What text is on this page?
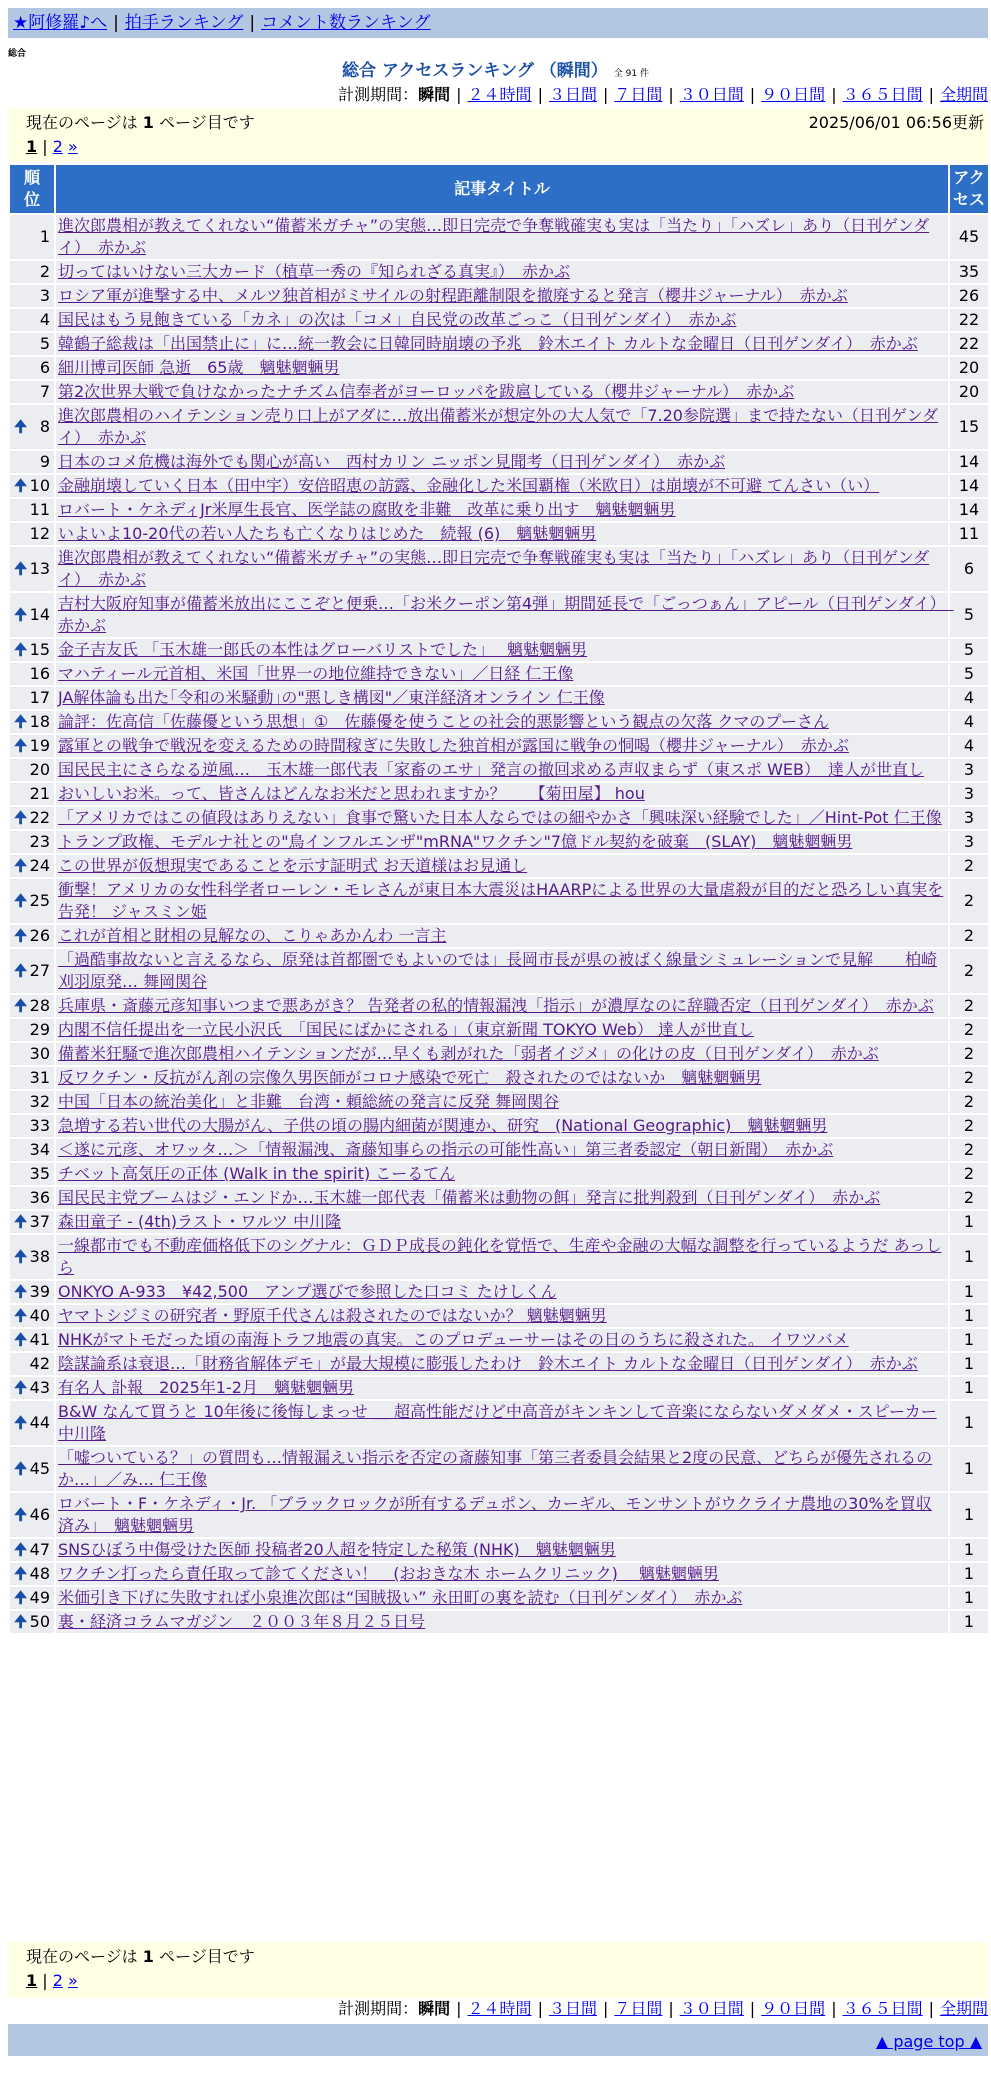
★阿修羅♪へ | 拍手ランキング | コメント数ランキング
総合
総合 アクセスランキング （瞬間） 全 91 件
計測期間：瞬間 | ２４時間 | ３日間 | ７日間 | ３０日間 | ９０日間 | ３６５日間 | 全期間
現在のページは 1 ページ目です	2025/06/01 06:56更新
1 | 2 »
順位	記事タイトル	アクセス
1	進次郎農相が教えてくれない“備蓄米ガチャ”の実態…即日完売で争奪戦確実も実は「当たり」「ハズレ」あり（日刊ゲンダイ）　赤かぶ	45
2	切ってはいけない三大カード（植草一秀の『知られざる真実』）　赤かぶ	35
3	ロシア軍が進撃する中、メルツ独首相がミサイルの射程距離制限を撤廃すると発言（櫻井ジャーナル）　赤かぶ	26
4	国民はもう見飽きている「カネ」の次は「コメ」自民党の改革ごっこ（日刊ゲンダイ）　赤かぶ	22
5	韓鶴子総裁は「出国禁止に」に…統一教会に日韓同時崩壊の予兆　鈴木エイト カルトな金曜日（日刊ゲンダイ）　赤かぶ	22
6	細川博司医師 急逝　65歳　魑魅魍魎男	20
7	第2次世界大戦で負けなかったナチズム信奉者がヨーロッパを跋扈している（櫻井ジャーナル）　赤かぶ	20

🠉 8	進次郎農相のハイテンション売り口上がアダに…放出備蓄米が想定外の大人気で「7.20参院選」まで持たない（日刊ゲンダイ）　赤かぶ	15
9	日本のコメ危機は海外でも関心が高い　西村カリン ニッポン見聞考（日刊ゲンダイ）　赤かぶ	14

🠉 10	金融崩壊していく日本（田中宇）安倍昭恵の訪露、金融化した米国覇権（米欧日）は崩壊が不可避 てんさい（い）	14
11	ロバート・ケネディJr米厚生長官、医学誌の腐敗を非難　改革に乗り出す　魑魅魍魎男	14
12	いよいよ10-20代の若い人たちも亡くなりはじめた　続報 (6)　魑魅魍魎男	11

🠉 13	進次郎農相が教えてくれない“備蓄米ガチャ”の実態…即日完売で争奪戦確実も実は「当たり」「ハズレ」あり（日刊ゲンダイ）　赤かぶ	6

🠉 14	吉村大阪府知事が備蓄米放出にここぞと便乗…「お米クーポン第4弾」期間延長で「ごっつぁん」アピール（日刊ゲンダイ）　赤かぶ	5

🠉 15	金子吉友氏 「玉木雄一郎氏の本性はグローバリストでした」　 魑魅魍魎男	5
16	マハティール元首相、米国「世界一の地位維持できない」／日経 仁王像	5
17	JA解体論も出た｢令和の米騒動｣の"悪しき構図"／東洋経済オンライン 仁王像	4

🠉 18	論評：佐高信「佐藤優という思想」①　佐藤優を使うことの社会的悪影響という観点の欠落 クマのプーさん	4

🠉 19	露軍との戦争で戦況を変えるための時間稼ぎに失敗した独首相が露国に戦争の恫喝（櫻井ジャーナル）　赤かぶ	4
20	国民民主にさらなる逆風…　玉木雄一郎代表「家畜のエサ」発言の撤回求める声収まらず（東スポ WEB）　達人が世直し	3
21	おいしいお米。って、皆さんはどんなお米だと思われますか？　　【菊田屋】 hou	3

🠉 22	「アメリカではこの値段はありえない」食事で驚いた日本人ならではの細やかさ「興味深い経験でした」／Hint-Pot 仁王像	3
23	トランプ政権、モデルナ社との"鳥インフルエンザ"mRNA"ワクチン"7億ドル契約を破棄　(SLAY)　魑魅魍魎男	3

🠉 24	この世界が仮想現実であることを示す証明式 お天道様はお見通し	2

🠉 25	衝撃！アメリカの女性科学者ローレン・モレさんが東日本大震災はHAARPによる世界の大量虐殺が目的だと恐ろしい真実を告発！ ジャスミン姫	2

🠉 26	これが首相と財相の見解なの、こりゃあかんわ 一言主	2

🠉 27	「過酷事故ないと言えるなら、原発は首都圏でもよいのでは」長岡市長が県の被ばく線量シミュレーションで見解　　柏崎刈羽原発… 舞岡関谷	2

🠉 28	兵庫県・斎藤元彦知事いつまで悪あがき？ 告発者の私的情報漏洩「指示」が濃厚なのに辞職否定（日刊ゲンダイ）　赤かぶ	2
29	内閣不信任提出を一立民小沢氏　「国民にばかにされる」（東京新聞 TOKYO Web） 達人が世直し	2
30	備蓄米狂騒で進次郎農相ハイテンションだが…早くも剥がれた「弱者イジメ」の化けの皮（日刊ゲンダイ）　赤かぶ	2
31	反ワクチン・反抗がん剤の宗像久男医師がコロナ感染で死亡　殺されたのではないか　魑魅魍魎男	2
32	中国「日本の統治美化」と非難　台湾・頼総統の発言に反発 舞岡関谷	2
33	急増する若い世代の大腸がん、子供の頃の腸内細菌が関連か、研究　(National Geographic)　魑魅魍魎男	2
34	＜遂に元彦、オワッタ…＞「情報漏洩、斎藤知事らの指示の可能性高い」第三者委認定（朝日新聞）　赤かぶ	2
35	チベット高気圧の正体 (Walk in the spirit) こーるてん	2
36	国民民主党ブームはジ・エンドか…玉木雄一郎代表「備蓄米は動物の餌」発言に批判殺到（日刊ゲンダイ）　赤かぶ	2

🠉 37	森田童子 - (4th)ラスト・ワルツ 中川隆	1

🠉 38	一線都市でも不動産価格低下のシグナル：ＧＤＰ成長の鈍化を覚悟で、生産や金融の大幅な調整を行っているようだ あっしら	1

🠉 39	ONKYO A-933　¥42,500　アンプ選びで参照した口コミ たけしくん	1

🠉 40	ヤマトシジミの研究者・野原千代さんは殺されたのではないか？ 魑魅魍魎男	1

🠉 41	NHKがマトモだった頃の南海トラフ地震の真実。このプロデューサーはその日のうちに殺された。 イワツバメ	1
42	陰謀論系は衰退…「財務省解体デモ」が最大規模に膨張したわけ　鈴木エイト カルトな金曜日（日刊ゲンダイ）　赤かぶ	1

🠉 43	有名人 訃報　2025年1-2月　魑魅魍魎男	1

🠉 44	B&W なんて買うと 10年後に後悔しまっせ ＿ 超高性能だけど中高音がキンキンして音楽にならないダメダメ・スピーカー 中川隆	1

🠉 45	「嘘ついている？」の質問も…情報漏えい指示を否定の斎藤知事「第三者委員会結果と2度の民意、どちらが優先されるのか…」／み… 仁王像	1

🠉 46	ロバート・F・ケネディ・Jr. 「ブラックロックが所有するデュポン、カーギル、モンサントがウクライナ農地の30%を買収済み」　魑魅魍魎男	1

🠉 47	SNSひぼう中傷受けた医師 投稿者20人超を特定した秘策 (NHK)　魑魅魍魎男	1

🠉 48	ワクチン打ったら責任取って診てください！　(おおきな木 ホームクリニック)　 魑魅魍魎男	1

🠉 49	米価引き下げに失敗すれば小泉進次郎は“国賊扱い” 永田町の裏を読む（日刊ゲンダイ）　赤かぶ	1

🠉 50	裏・経済コラムマガジン　２００３年８月２５日号	1
現在のページは 1 ページ目です
1 | 2 »
計測期間：瞬間 | ２４時間 | ３日間 | ７日間 | ３０日間 | ９０日間 | ３６５日間 | 全期間
▲ page top ▲
